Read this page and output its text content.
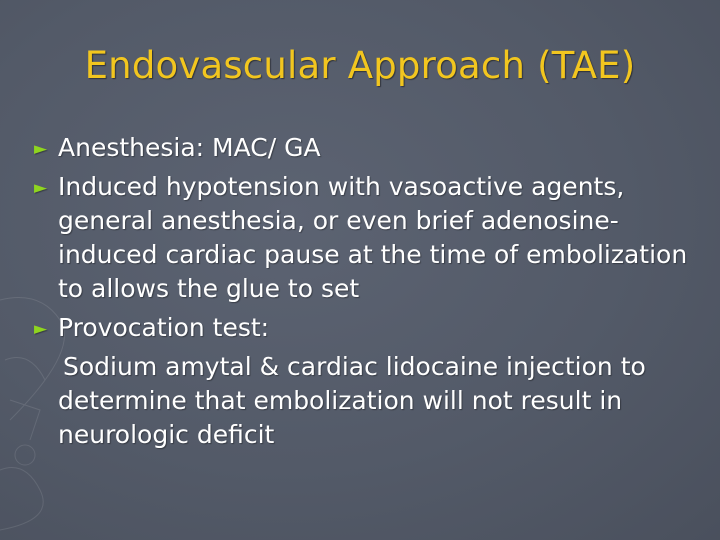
Endovascular Approach (TAE)
► Anesthesia: MAC/ GA
► Induced hypotension with vasoactive agents, general anesthesia, or even brief adenosine-induced cardiac pause at the time of embolization to allows the glue to set
► Provocation test:
Sodium amytal & cardiac lidocaine injection to determine that embolization will not result in neurologic deficit
